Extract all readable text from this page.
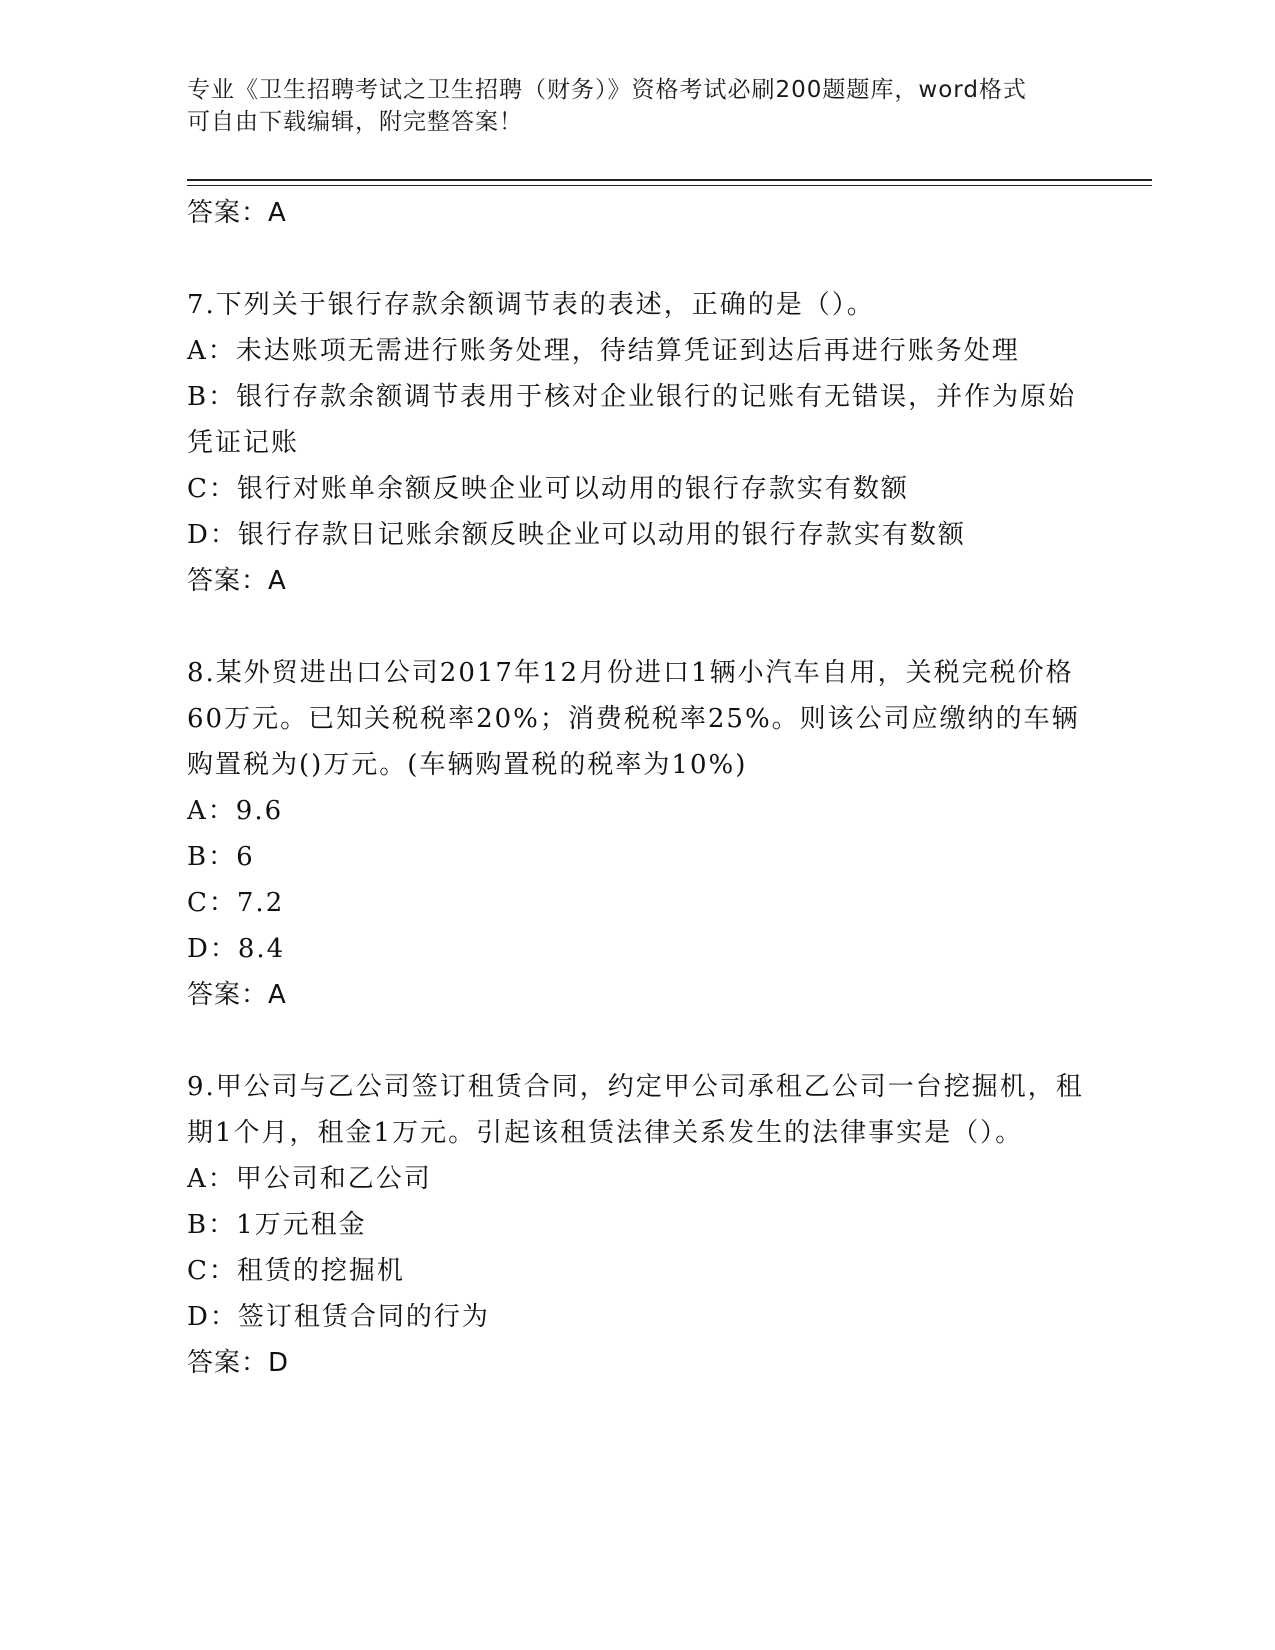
专业《卫生招聘考试之卫生招聘（财务）》资格考试必刷200题题库，word格式
可自由下载编辑，附完整答案！
答案：A
7.下列关于银行存款余额调节表的表述，正确的是（）。
A：未达账项无需进行账务处理，待结算凭证到达后再进行账务处理
B：银行存款余额调节表用于核对企业银行的记账有无错误，并作为原始凭证记账
C：银行对账单余额反映企业可以动用的银行存款实有数额
D：银行存款日记账余额反映企业可以动用的银行存款实有数额
答案：A
8.某外贸进出口公司2017年12月份进口1辆小汽车自用，关税完税价格60万元。已知关税税率20%；消费税税率25%。则该公司应缴纳的车辆购置税为()万元。(车辆购置税的税率为10%)
A：9.6
B：6
C：7.2
D：8.4
答案：A
9.甲公司与乙公司签订租赁合同，约定甲公司承租乙公司一台挖掘机，租期1个月，租金1万元。引起该租赁法律关系发生的法律事实是（）。
A：甲公司和乙公司
B：1万元租金
C：租赁的挖掘机
D：签订租赁合同的行为
答案：D
